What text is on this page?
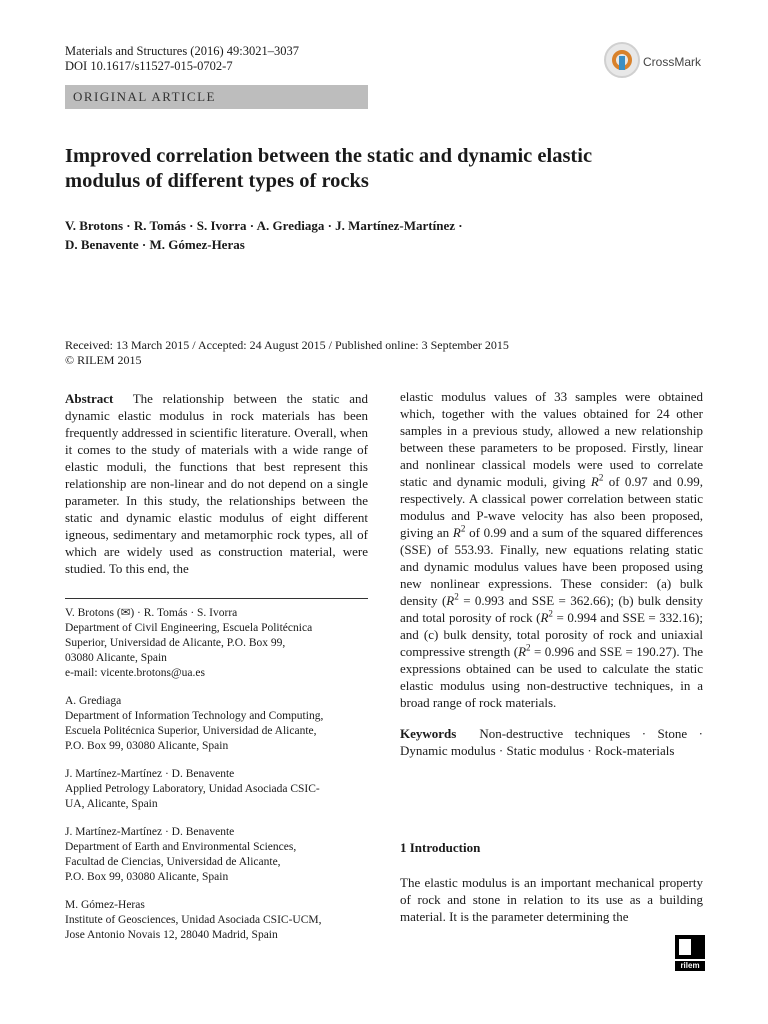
Materials and Structures (2016) 49:3021–3037
DOI 10.1617/s11527-015-0702-7	CrossMark
ORIGINAL ARTICLE
Improved correlation between the static and dynamic elastic
modulus of different types of rocks
V. Brotons · R. Tomás · S. Ivorra · A. Grediaga · J. Martínez-Martínez ·
D. Benavente · M. Gómez-Heras
Received: 13 March 2015 / Accepted: 24 August 2015 / Published online: 3 September 2015
© RILEM 2015

Abstract The relationship between the static and dynamic elastic modulus in rock materials has been frequently addressed in scientific literature. Overall, when it comes to the study of materials with a wide range of elastic moduli, the functions that best represent this relationship are non-linear and do not depend on a single parameter. In this study, the relationships between the static and dynamic elastic modulus of eight different igneous, sedimentary and metamorphic rock types, all of which are widely used as construction material, were studied. To this end, the

V. Brotons (✉) · R. Tomás · S. Ivorra
Department of Civil Engineering, Escuela Politécnica
Superior, Universidad de Alicante, P.O. Box 99,
03080 Alicante, Spain
e-mail: vicente.brotons@ua.es
A. Grediaga
Department of Information Technology and Computing,
Escuela Politécnica Superior, Universidad de Alicante,
P.O. Box 99, 03080 Alicante, Spain
J. Martínez-Martínez · D. Benavente
Applied Petrology Laboratory, Unidad Asociada CSIC-
UA, Alicante, Spain
J. Martínez-Martínez · D. Benavente
Department of Earth and Environmental Sciences,
Facultad de Ciencias, Universidad de Alicante,
P.O. Box 99, 03080 Alicante, Spain
M. Gómez-Heras
Institute of Geosciences, Unidad Asociada CSIC-UCM,
Jose Antonio Novais 12, 28040 Madrid, Spain

elastic modulus values of 33 samples were obtained which, together with the values obtained for 24 other samples in a previous study, allowed a new relationship between these parameters to be proposed. Firstly, linear and nonlinear classical models were used to correlate static and dynamic moduli, giving $R^2$ of 0.97 and 0.99, respectively. A classical power correlation between static modulus and P-wave velocity has also been proposed, giving an $R^2$ of 0.99 and a sum of the squared differences (SSE) of 553.93. Finally, new equations relating static and dynamic modulus values have been proposed using new nonlinear expressions. These consider: (a) bulk density ($R^2 = 0.993$ and SSE = 362.66); (b) bulk density and total porosity of rock ($R^2 = 0.994$ and SSE = 332.16); and (c) bulk density, total porosity of rock and uniaxial compressive strength ($R^2 = 0.996$ and SSE = 190.27). The expressions obtained can be used to calculate the static elastic modulus using non-destructive techniques, in a broad range of rock materials.

Keywords Non-destructive techniques · Stone · Dynamic modulus · Static modulus · Rock-materials

1 Introduction
The elastic modulus is an important mechanical property of rock and stone in relation to its use as a building material. It is the parameter determining the
rilem
